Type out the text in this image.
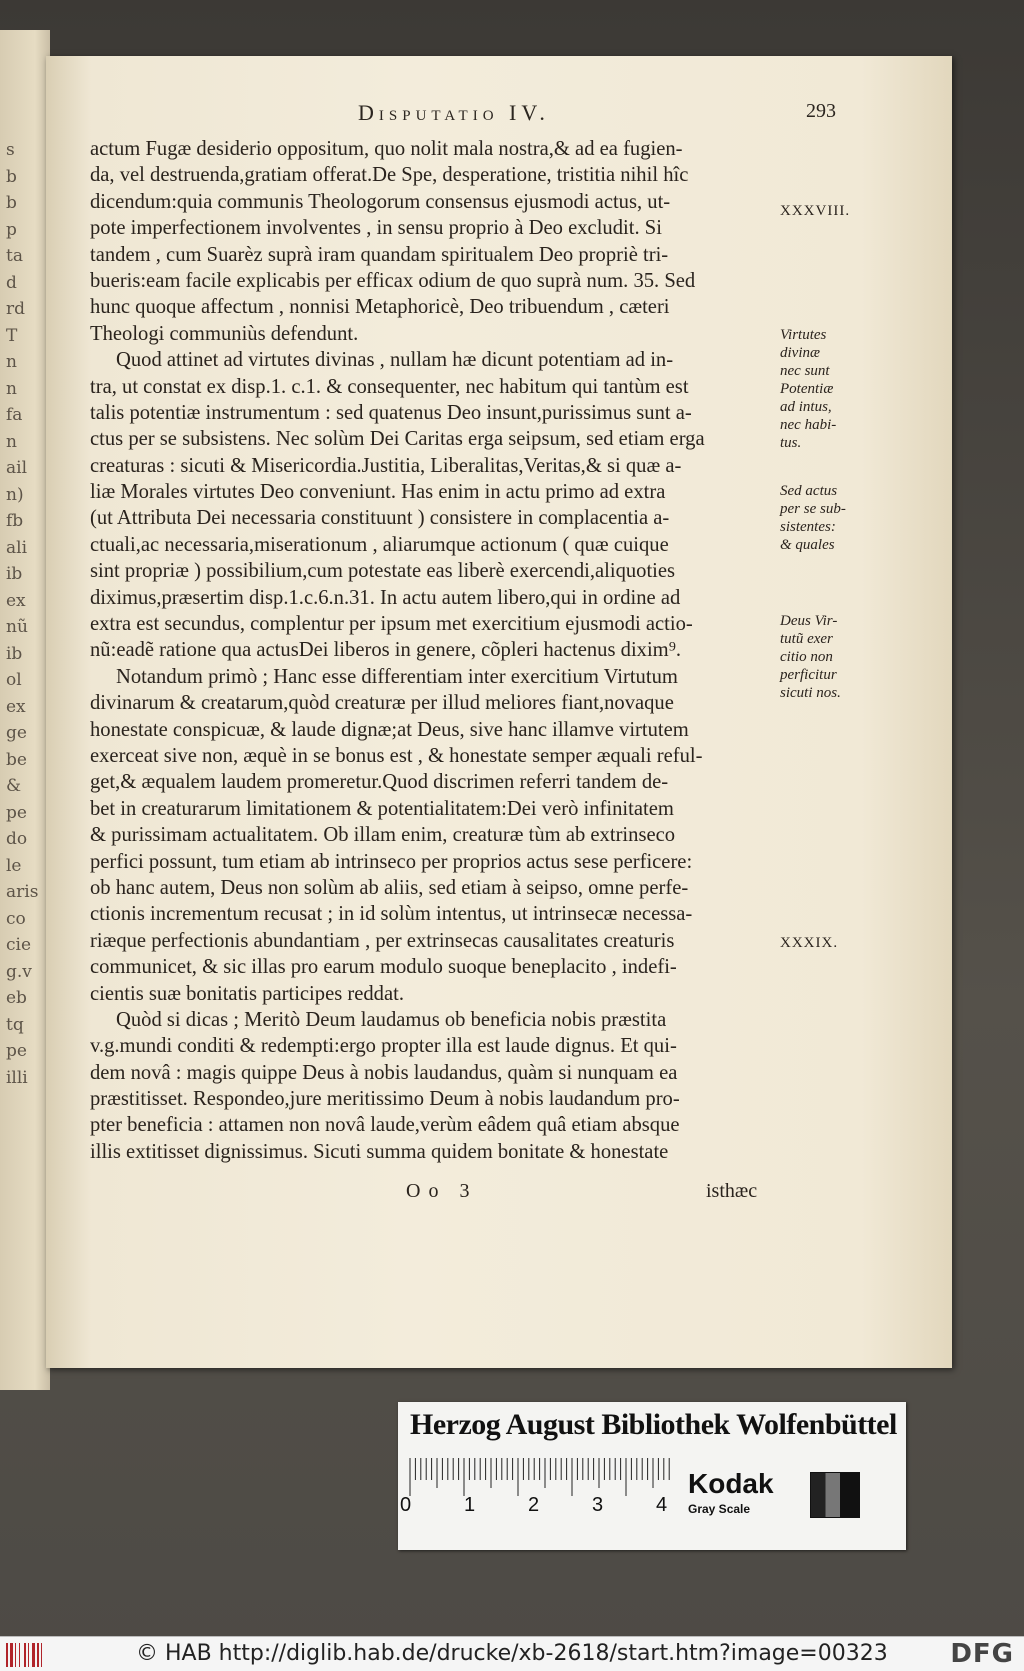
s
b
b
p
ta
d
rd
T
n
n
fa
n
ail
n)
fb
ali
ib
ex
nũ
ib
ol
ex
ge
be
&
pe
do
le
aris
co
cie
g.v
eb
tq
pe
illi
Disputatio IV.	293
actum Fugæ desiderio oppositum, quo nolit mala nostra,& ad ea fugien-
da, vel destruenda,gratiam offerat.De Spe, desperatione, tristitia nihil hîc
dicendum:quia communis Theologorum consensus ejusmodi actus, ut-
pote imperfectionem involventes , in sensu proprio à Deo excludit. Si
tandem , cum Suarèz suprà iram quandam spiritualem Deo propriè tri-
bueris:eam facile explicabis per efficax odium de quo suprà num. 35. Sed
hunc quoque affectum , nonnisi Metaphoricè, Deo tribuendum , cæteri
Theologi communiùs defendunt.
Quod attinet ad virtutes divinas , nullam hæ dicunt potentiam ad in-
tra, ut constat ex disp.1. c.1. & consequenter, nec habitum qui tantùm est
talis potentiæ instrumentum : sed quatenus Deo insunt,purissimus sunt a-
ctus per se subsistens. Nec solùm Dei Caritas erga seipsum, sed etiam erga
creaturas : sicuti & Misericordia.Justitia, Liberalitas,Veritas,& si quæ a-
liæ Morales virtutes Deo conveniunt. Has enim in actu primo ad extra
(ut Attributa Dei necessaria constituunt ) consistere in complacentia a-
ctuali,ac necessaria,miserationum , aliarumque actionum ( quæ cuique
sint propriæ ) possibilium,cum potestate eas liberè exercendi,aliquoties
diximus,præsertim disp.1.c.6.n.31. In actu autem libero,qui in ordine ad
extra est secundus, complentur per ipsum met exercitium ejusmodi actio-
nũ:eadẽ ratione qua actusDei liberos in genere, cõpleri hactenus dixim⁹.
Notandum primò ; Hanc esse differentiam inter exercitium Virtutum
divinarum & creatarum,quòd creaturæ per illud meliores fiant,novaque
honestate conspicuæ, & laude dignæ;at Deus, sive hanc illamve virtutem
exerceat sive non, æquè in se bonus est , & honestate semper æquali reful-
get,& æqualem laudem promeretur.Quod discrimen referri tandem de-
bet in creaturarum limitationem & potentialitatem:Dei verò infinitatem
& purissimam actualitatem. Ob illam enim, creaturæ tùm ab extrinseco
perfici possunt, tum etiam ab intrinseco per proprios actus sese perficere:
ob hanc autem, Deus non solùm ab aliis, sed etiam à seipso, omne perfe-
ctionis incrementum recusat ; in id solùm intentus, ut intrinsecæ necessa-
riæque perfectionis abundantiam , per extrinsecas causalitates creaturis
communicet, & sic illas pro earum modulo suoque beneplacito , indefi-
cientis suæ bonitatis participes reddat.
Quòd si dicas ; Meritò Deum laudamus ob beneficia nobis præstita
v.g.mundi conditi & redempti:ergo propter illa est laude dignus. Et qui-
dem novâ : magis quippe Deus à nobis laudandus, quàm si nunquam ea
præstitisset. Respondeo,jure meritissimo Deum à nobis laudandum pro-
pter beneficia : attamen non novâ laude,verùm eâdem quâ etiam absque
illis extitisset dignissimus. Sicuti summa quidem bonitate & honestate
XXXVIII.
Virtutes
divinæ
nec sunt
Potentiæ
ad intus,
nec habi-
tus.
Sed actus
per se sub-
sistentes:
& quales
Deus Vir-
tutũ exer
citio non
perficitur
sicuti nos.
XXXIX.
Oo 3	isthæc
Herzog August Bibliothek Wolfenbüttel
0	1	2	3	4
Kodak
Gray Scale
© HAB http://diglib.hab.de/drucke/xb-2618/start.htm?image=00323 DFG
